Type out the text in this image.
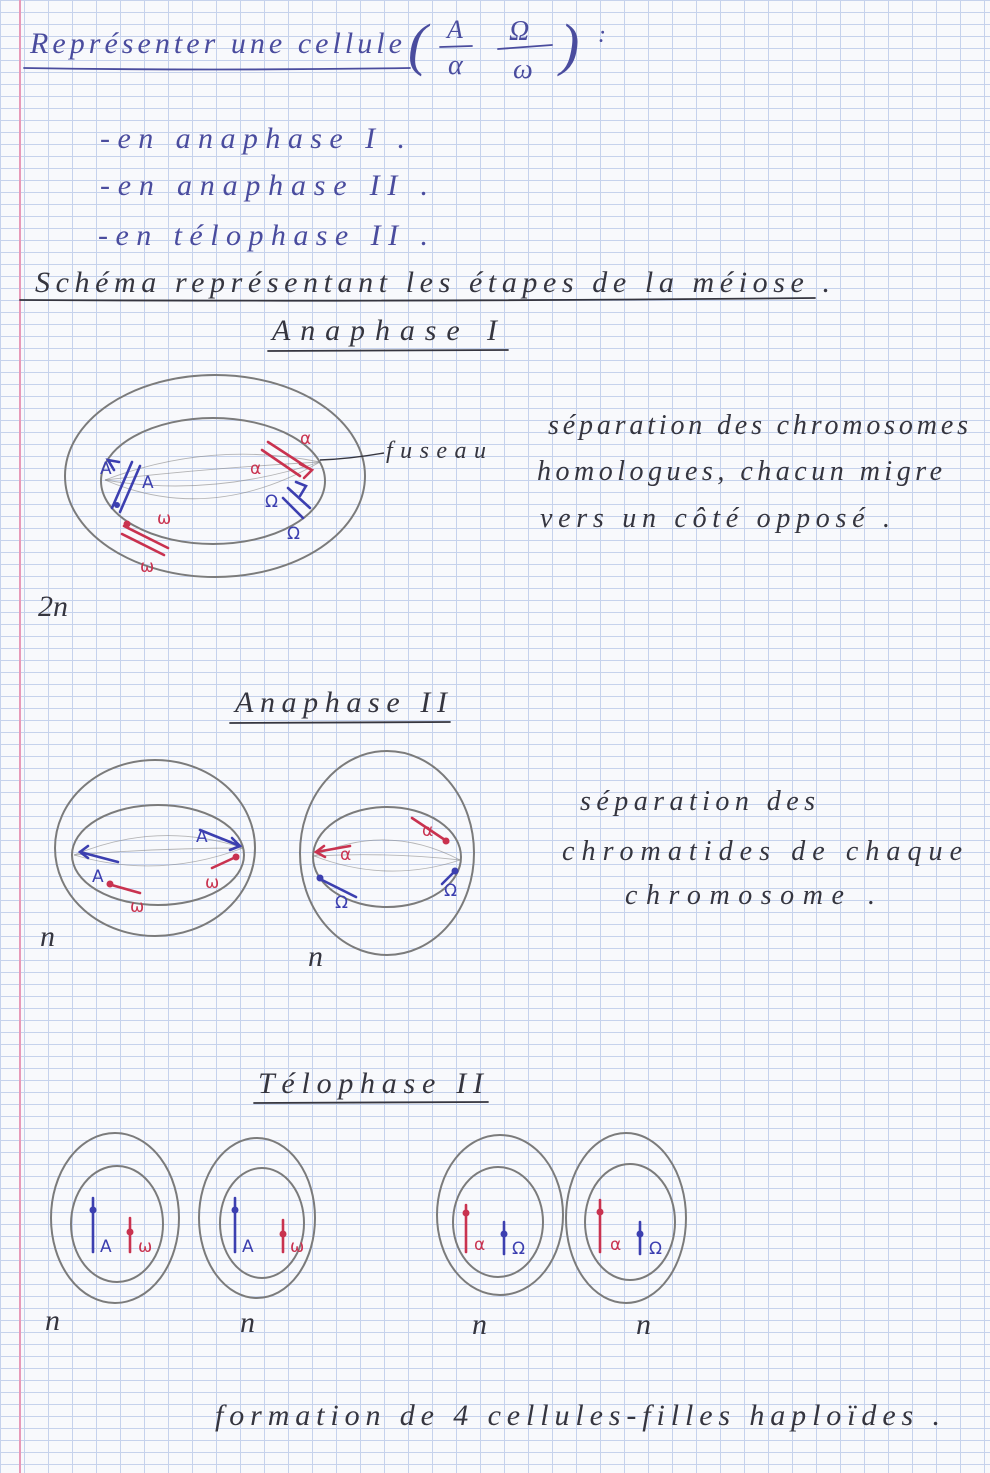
Représenter une cellule ( A
α
Ω
ω ) :
-en anaphase I .
-en anaphase II .
-en télophase II .
Schéma représentant les étapes de la méiose .
Anaphase I
A
A
ω
ω
α
α
Ω
Ω
fuseau
séparation des chromosomes
homologues, chacun migre
vers un côté opposé .
2n
Anaphase II
A
ω
A
ω
α
Ω
α
Ω
n
n
séparation des
chromatides de chaque
chromosome .
Télophase II
A ω	A ω	α Ω	α Ω
n	n	n	n
formation de 4 cellules-filles haploïdes .
